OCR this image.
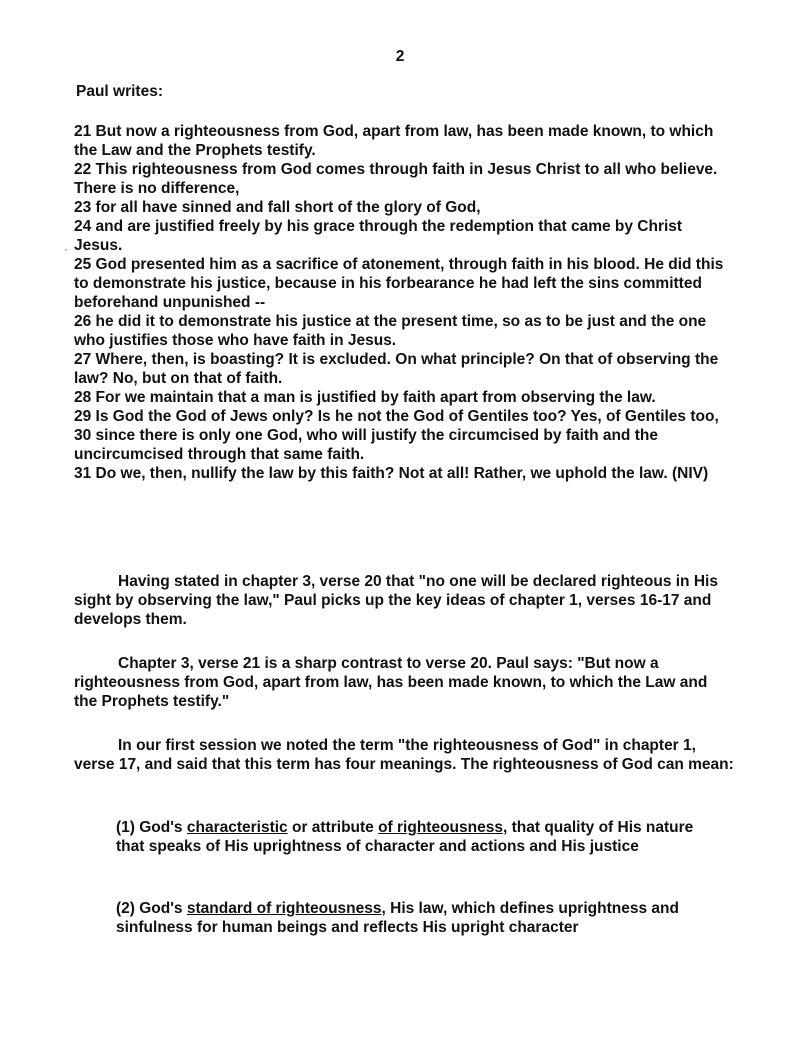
2
Paul writes:
21 But now a righteousness from God, apart from law, has been made known, to which the Law and the Prophets testify.
22 This righteousness from God comes through faith in Jesus Christ to all who believe. There is no difference,
23 for all have sinned and fall short of the glory of God,
24 and are justified freely by his grace through the redemption that came by Christ Jesus.
25 God presented him as a sacrifice of atonement, through faith in his blood. He did this to demonstrate his justice, because in his forbearance he had left the sins committed beforehand unpunished --
26 he did it to demonstrate his justice at the present time, so as to be just and the one who justifies those who have faith in Jesus.
27 Where, then, is boasting? It is excluded. On what principle? On that of observing the law? No, but on that of faith.
28 For we maintain that a man is justified by faith apart from observing the law.
29 Is God the God of Jews only? Is he not the God of Gentiles too? Yes, of Gentiles too,
30 since there is only one God, who will justify the circumcised by faith and the uncircumcised through that same faith.
31 Do we, then, nullify the law by this faith? Not at all! Rather, we uphold the law. (NIV)

Having stated in chapter 3, verse 20 that "no one will be declared righteous in His sight by observing the law," Paul picks up the key ideas of chapter 1, verses 16-17 and develops them.

Chapter 3, verse 21 is a sharp contrast to verse 20. Paul says: "But now a righteousness from God, apart from law, has been made known, to which the Law and the Prophets testify."

In our first session we noted the term "the righteousness of God" in chapter 1, verse 17, and said that this term has four meanings. The righteousness of God can mean:

(1) God's characteristic or attribute of righteousness, that quality of His nature that speaks of His uprightness of character and actions and His justice

(2) God's standard of righteousness, His law, which defines uprightness and sinfulness for human beings and reflects His upright character

·
